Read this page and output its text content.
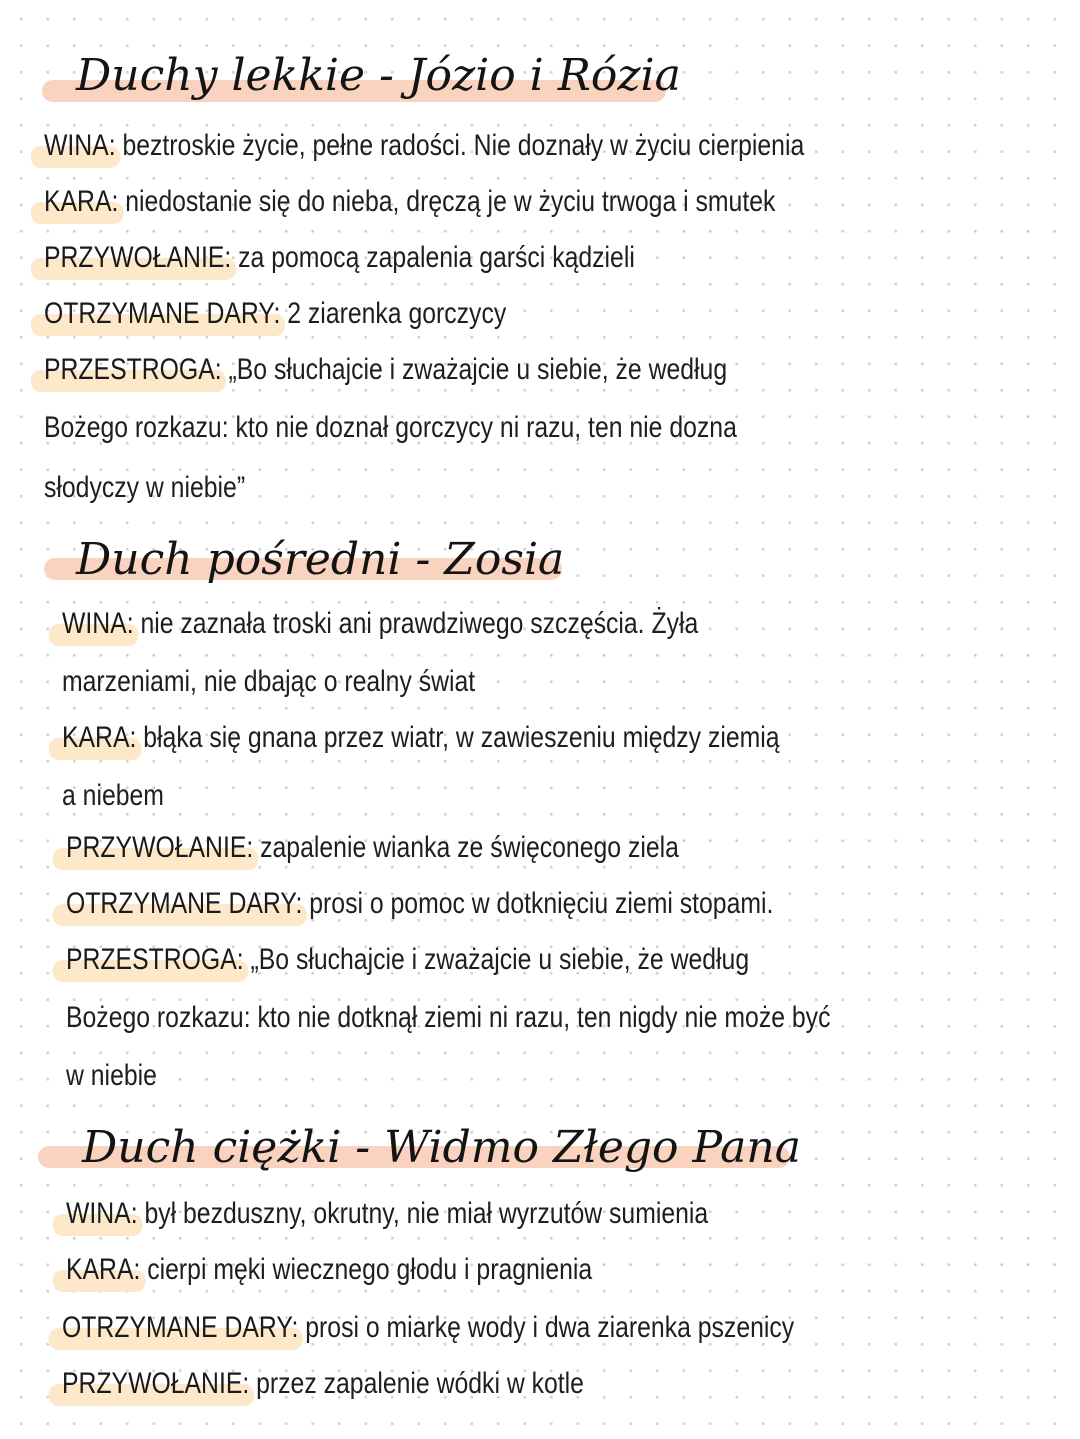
Duchy lekkie - Józio i Rózia
WINA: beztroskie życie, pełne radości. Nie doznały w życiu cierpienia
KARA: niedostanie się do nieba, dręczą je w życiu trwoga i smutek
PRZYWOŁANIE: za pomocą zapalenia garści kądzieli
OTRZYMANE DARY: 2 ziarenka gorczycy
PRZESTROGA: „Bo słuchajcie i zważajcie u siebie, że według
Bożego rozkazu: kto nie doznał gorczycy ni razu, ten nie dozna
słodyczy w niebie”
Duch pośredni - Zosia
WINA: nie zaznała troski ani prawdziwego szczęścia. Żyła
marzeniami, nie dbając o realny świat
KARA: błąka się gnana przez wiatr, w zawieszeniu między ziemią
a niebem
PRZYWOŁANIE: zapalenie wianka ze święconego ziela
OTRZYMANE DARY: prosi o pomoc w dotknięciu ziemi stopami.
PRZESTROGA: „Bo słuchajcie i zważajcie u siebie, że według
Bożego rozkazu: kto nie dotknął ziemi ni razu, ten nigdy nie może być
w niebie
Duch ciężki - Widmo Złego Pana
WINA: był bezduszny, okrutny, nie miał wyrzutów sumienia
KARA: cierpi męki wiecznego głodu i pragnienia
OTRZYMANE DARY: prosi o miarkę wody i dwa ziarenka pszenicy
PRZYWOŁANIE: przez zapalenie wódki w kotle
